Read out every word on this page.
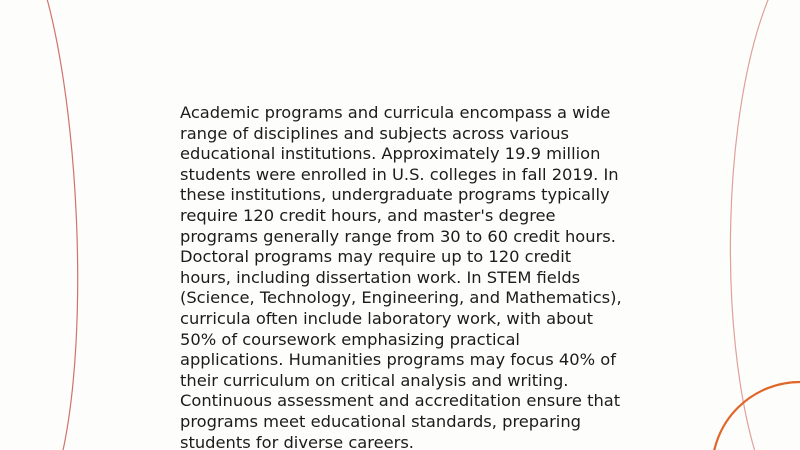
Academic programs and curricula encompass a wide range of disciplines and subjects across various educational institutions. Approximately 19.9 million students were enrolled in U.S. colleges in fall 2019. In these institutions, undergraduate programs typically require 120 credit hours, and master's degree programs generally range from 30 to 60 credit hours. Doctoral programs may require up to 120 credit hours, including dissertation work. In STEM fields (Science, Technology, Engineering, and Mathematics), curricula often include laboratory work, with about 50% of coursework emphasizing practical applications. Humanities programs may focus 40% of their curriculum on critical analysis and writing. Continuous assessment and accreditation ensure that programs meet educational standards, preparing students for diverse careers.
